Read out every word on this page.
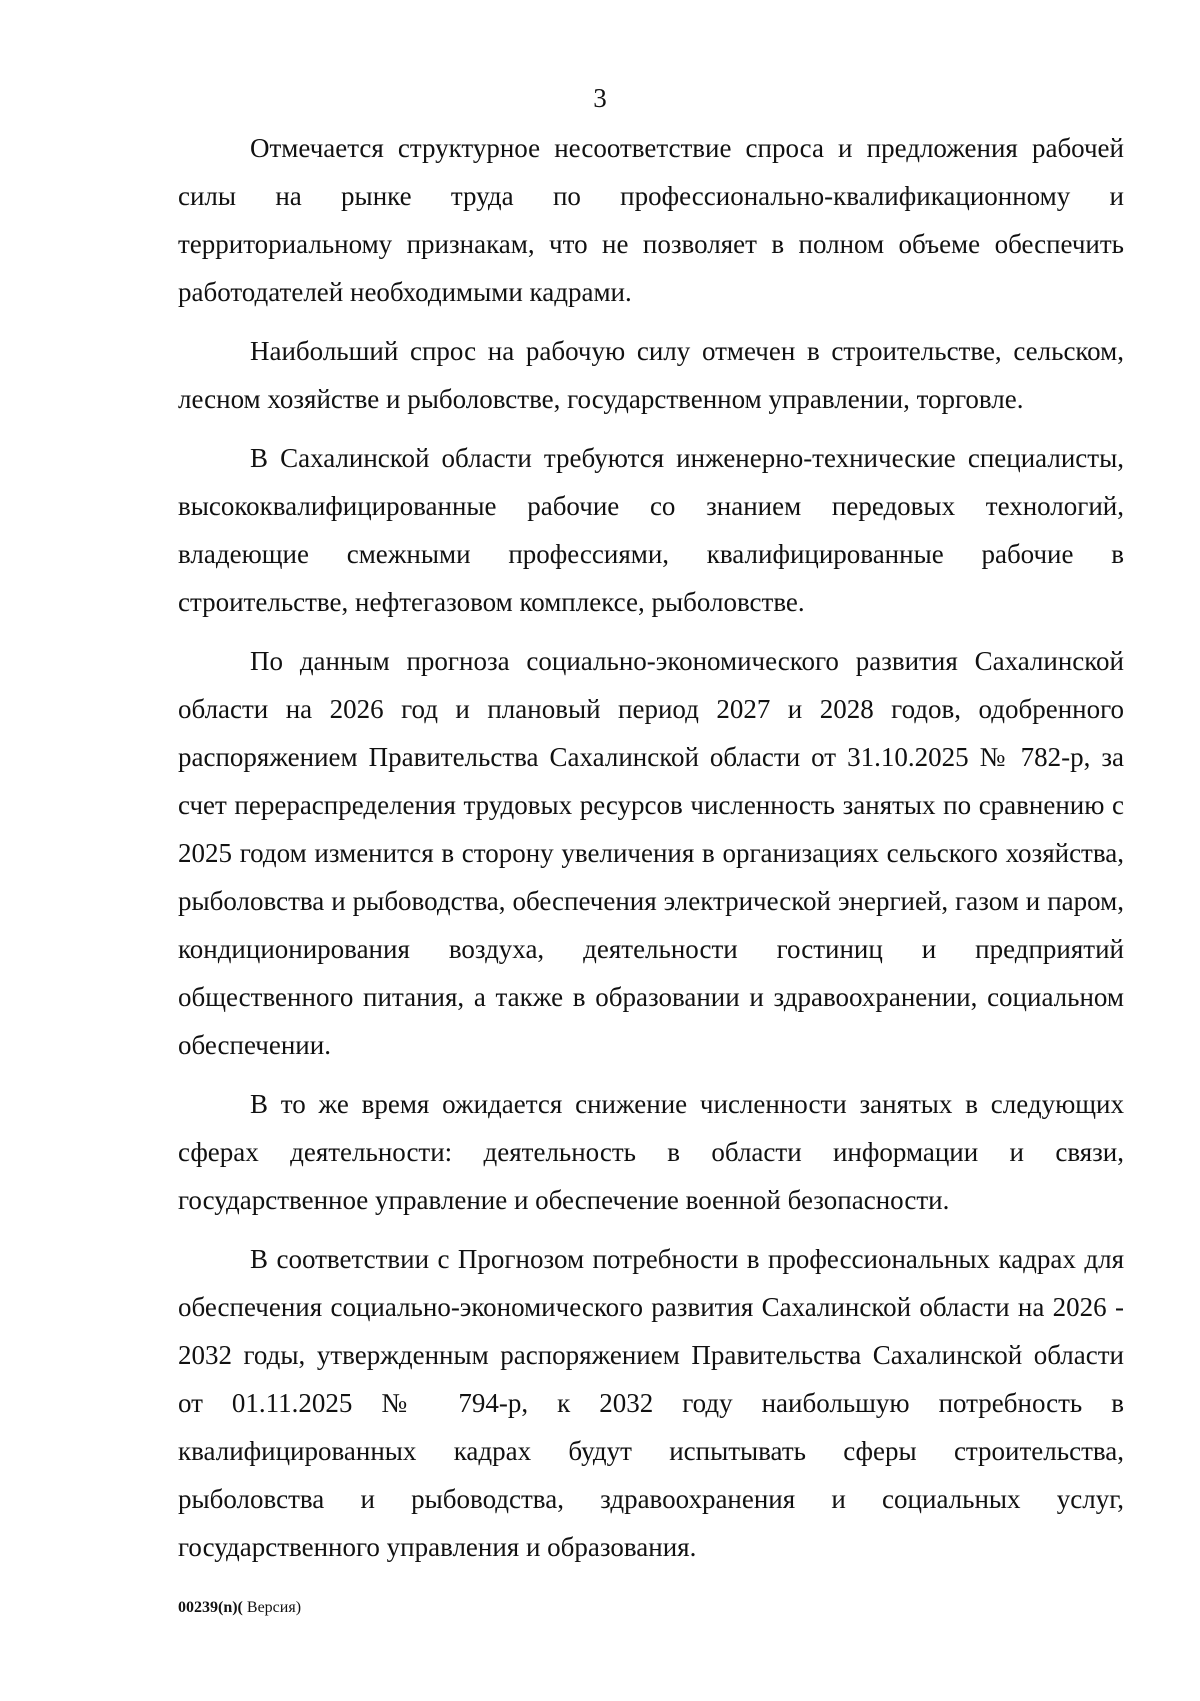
3

Отмечается структурное несоответствие спроса и предложения рабочей силы на рынке труда по профессионально-квалификационному и территориальному признакам, что не позволяет в полном объеме обеспечить работодателей необходимыми кадрами.

Наибольший спрос на рабочую силу отмечен в строительстве, сельском, лесном хозяйстве и рыболовстве, государственном управлении, торговле.

В Сахалинской области требуются инженерно-технические специалисты, высококвалифицированные рабочие со знанием передовых технологий, владеющие смежными профессиями, квалифицированные рабочие в строительстве, нефтегазовом комплексе, рыболовстве.

По данным прогноза социально-экономического развития Сахалинской области на 2026 год и плановый период 2027 и 2028 годов, одобренного распоряжением Правительства Сахалинской области от 31.10.2025 № 782-р, за счет перераспределения трудовых ресурсов численность занятых по сравнению с 2025 годом изменится в сторону увеличения в организациях сельского хозяйства, рыболовства и рыбоводства, обеспечения электрической энергией, газом и паром, кондиционирования воздуха, деятельности гостиниц и предприятий общественного питания, а также в образовании и здравоохранении, социальном обеспечении.

В то же время ожидается снижение численности занятых в следующих сферах деятельности: деятельность в области информации и связи, государственное управление и обеспечение военной безопасности.

В соответствии с Прогнозом потребности в профессиональных кадрах для обеспечения социально-экономического развития Сахалинской области на 2026 - 2032 годы, утвержденным распоряжением Правительства Сахалинской области от 01.11.2025 № 794-р, к 2032 году наибольшую потребность в квалифицированных кадрах будут испытывать сферы строительства, рыболовства и рыбоводства, здравоохранения и социальных услуг, государственного управления и образования.

00239(n)( Версия)
